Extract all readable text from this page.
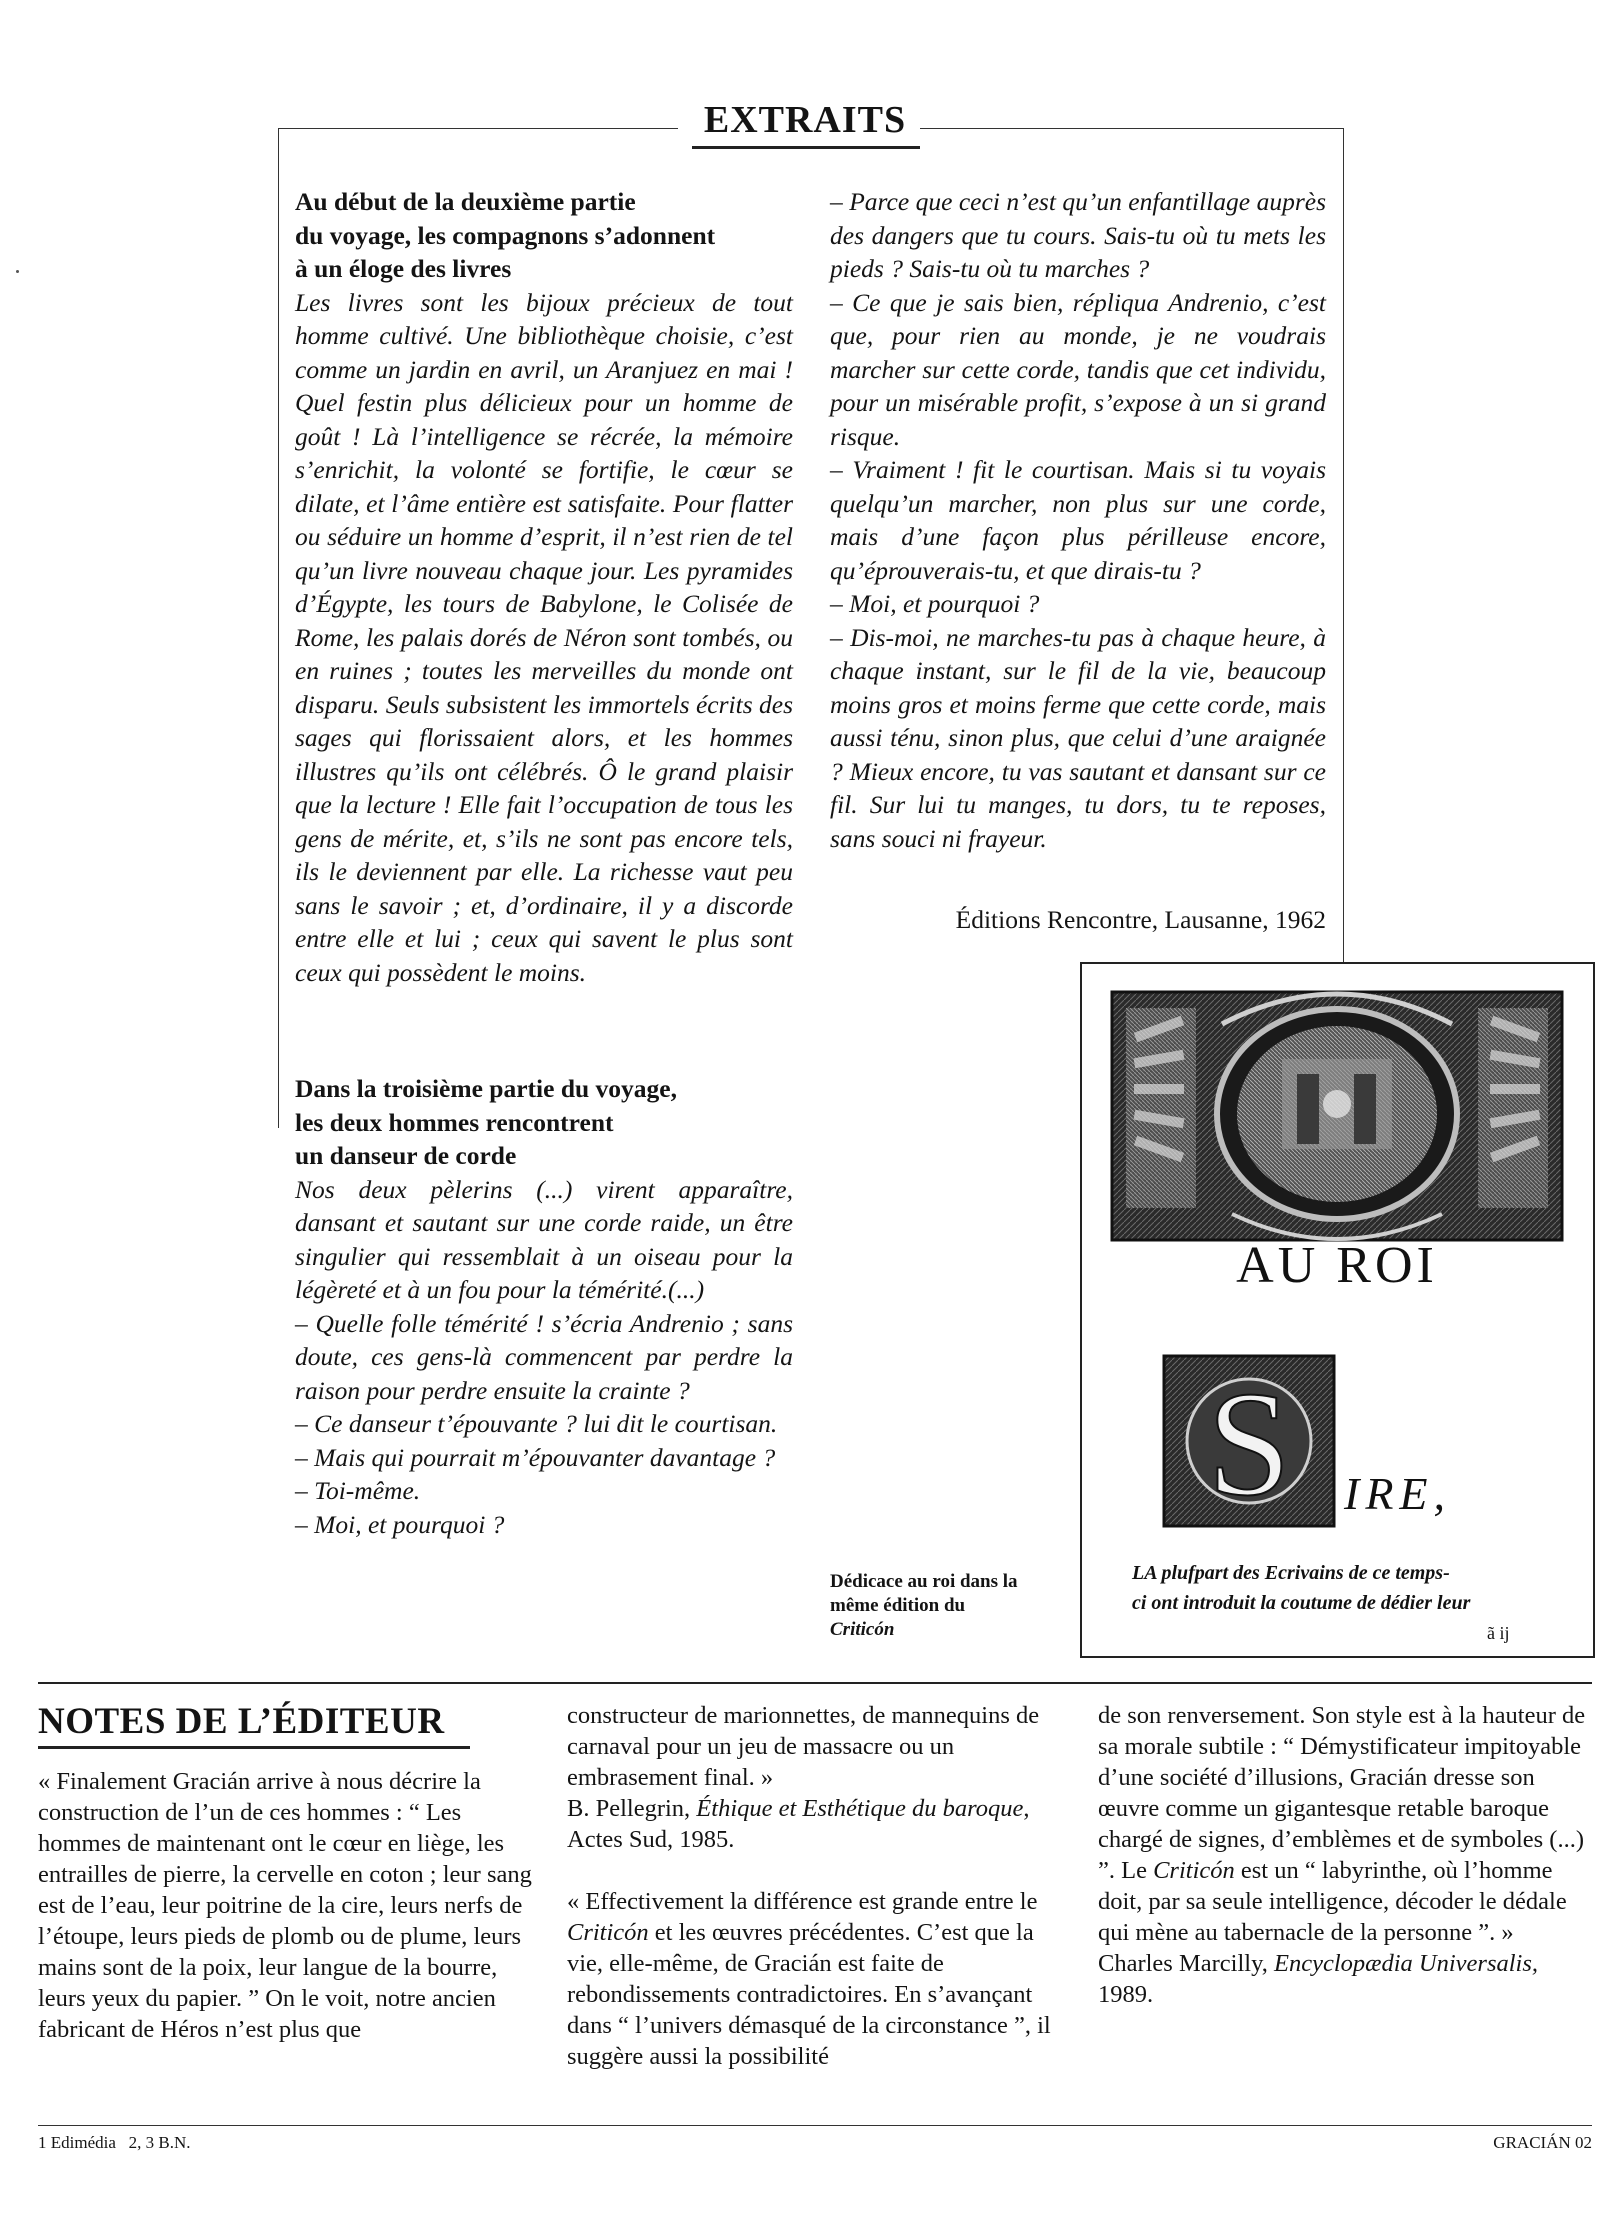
EXTRAITS

Au début de la deuxième partie

du voyage, les compagnons s’adonnent

à un éloge des livres

Les livres sont les bijoux précieux de tout homme cultivé. Une bibliothèque choisie, c’est comme un jardin en avril, un Aranjuez en mai ! Quel festin plus délicieux pour un homme de goût ! Là l’intelligence se récrée, la mémoire s’enrichit, la volonté se fortifie, le cœur se dilate, et l’âme entière est satisfaite. Pour flatter ou séduire un homme d’esprit, il n’est rien de tel qu’un livre nouveau chaque jour. Les pyramides d’Égypte, les tours de Babylone, le Colisée de Rome, les palais dorés de Néron sont tombés, ou en ruines ; toutes les merveilles du monde ont disparu. Seuls subsistent les immortels écrits des sages qui florissaient alors, et les hommes illustres qu’ils ont célébrés. Ô le grand plaisir que la lecture ! Elle fait l’occupation de tous les gens de mérite, et, s’ils ne sont pas encore tels, ils le deviennent par elle. La richesse vaut peu sans le savoir ; et, d’ordinaire, il y a discorde entre elle et lui ; ceux qui savent le plus sont ceux qui possèdent le moins.

Dans la troisième partie du voyage,

les deux hommes rencontrent

un danseur de corde

Nos deux pèlerins (...) virent apparaître, dansant et sautant sur une corde raide, un être singulier qui ressemblait à un oiseau pour la légèreté et à un fou pour la témérité.(...)

– Quelle folle témérité ! s’écria Andrenio ; sans doute, ces gens-là commencent par perdre la raison pour perdre ensuite la crainte ?

– Ce danseur t’épouvante ? lui dit le courtisan.

– Mais qui pourrait m’épouvanter davantage ?

– Toi-même.

– Moi, et pourquoi ?

– Parce que ceci n’est qu’un enfantillage auprès des dangers que tu cours. Sais-tu où tu mets les pieds ? Sais-tu où tu marches ?

– Ce que je sais bien, répliqua Andrenio, c’est que, pour rien au monde, je ne voudrais marcher sur cette corde, tandis que cet individu, pour un misérable profit, s’expose à un si grand risque.

– Vraiment ! fit le courtisan. Mais si tu voyais quelqu’un marcher, non plus sur une corde, mais d’une façon plus périlleuse encore, qu’éprouverais-tu, et que dirais-tu ?

– Moi, et pourquoi ?

– Dis-moi, ne marches-tu pas à chaque heure, à chaque instant, sur le fil de la vie, beaucoup moins gros et moins ferme que cette corde, mais aussi ténu, sinon plus, que celui d’une araignée ? Mieux encore, tu vas sautant et dansant sur ce fil. Sur lui tu manges, tu dors, tu te reposes, sans souci ni frayeur.

Éditions Rencontre, Lausanne, 1962
AU ROI
S IRE,
LA plufpart des Ecrivains de ce temps-
ci ont introduit la coutume de dédier leur
ã ij
Dédicace au roi dans la
même édition du
Criticón
NOTES DE L’ÉDITEUR

« Finalement Gracián arrive à nous décrire la construction de l’un de ces hommes : “ Les hommes de maintenant ont le cœur en liège, les entrailles de pierre, la cervelle en coton ; leur sang est de l’eau, leur poitrine de la cire, leurs nerfs de l’étoupe, leurs pieds de plomb ou de plume, leurs mains sont de la poix, leur langue de la bourre, leurs yeux du papier. ” On le voit, notre ancien fabricant de Héros n’est plus que

constructeur de marionnettes, de mannequins de carnaval pour un jeu de massacre ou un embrasement final. »

B. Pellegrin, Éthique et Esthétique du baroque, Actes Sud, 1985.

« Effectivement la différence est grande entre le Criticón et les œuvres précédentes. C’est que la vie, elle-même, de Gracián est faite de rebondissements contradictoires. En s’avançant dans “ l’univers démasqué de la circonstance ”, il suggère aussi la possibilité

de son renversement. Son style est à la hauteur de sa morale subtile : “ Démystificateur impitoyable d’une société d’illusions, Gracián dresse son œuvre comme un gigantesque retable baroque chargé de signes, d’emblèmes et de symboles (...) ”. Le Criticón est un “ labyrinthe, où l’homme doit, par sa seule intelligence, décoder le dédale qui mène au tabernacle de la personne ”. » Charles Marcilly, Encyclopædia Universalis, 1989.

1 Edimédia   2, 3 B.N.	GRACIÁN 02
